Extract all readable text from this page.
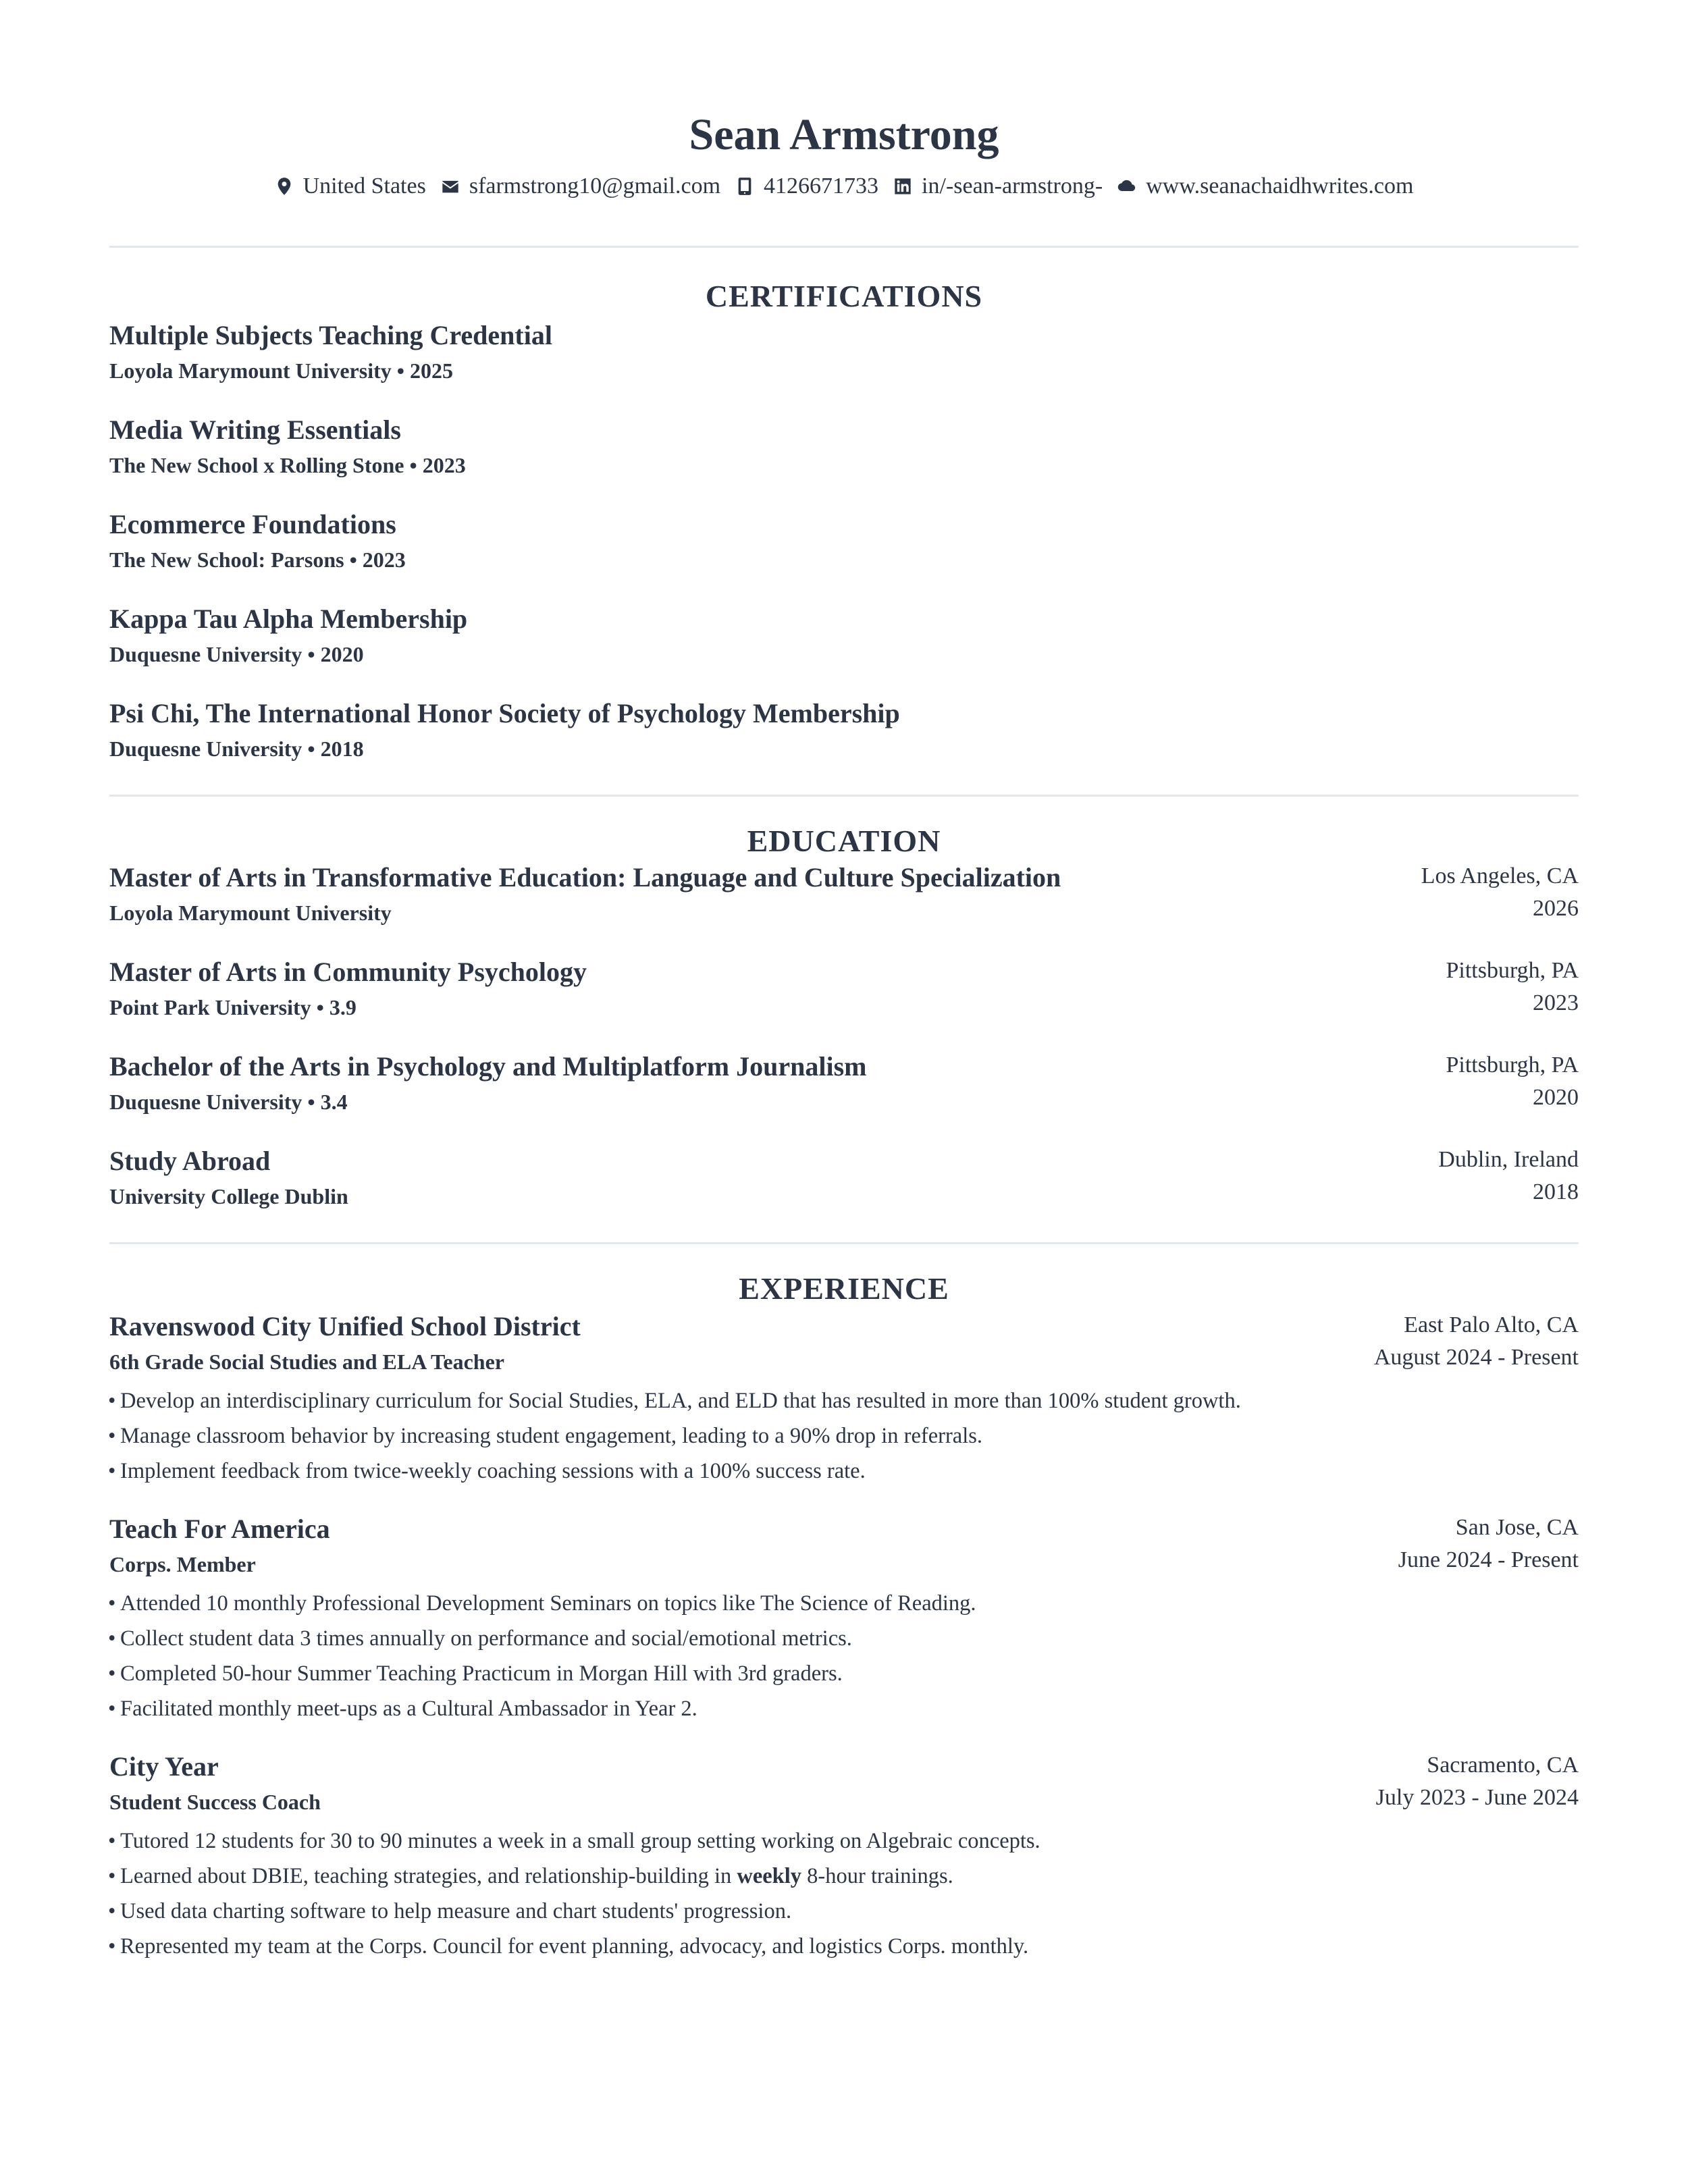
Sean Armstrong
United States sfarmstrong10@gmail.com 4126671733 in/-sean-armstrong- www.seanachaidhwrites.com
CERTIFICATIONS
Multiple Subjects Teaching Credential
Loyola Marymount University • 2025
Media Writing Essentials
The New School x Rolling Stone • 2023
Ecommerce Foundations
The New School: Parsons • 2023
Kappa Tau Alpha Membership
Duquesne University • 2020
Psi Chi, The International Honor Society of Psychology Membership
Duquesne University • 2018
EDUCATION
Master of Arts in Transformative Education: Language and Culture Specialization
Loyola Marymount University
Los Angeles, CA
2026
Master of Arts in Community Psychology
Point Park University • 3.9
Pittsburgh, PA
2023
Bachelor of the Arts in Psychology and Multiplatform Journalism
Duquesne University • 3.4
Pittsburgh, PA
2020
Study Abroad
University College Dublin
Dublin, Ireland
2018
EXPERIENCE
Ravenswood City Unified School District
6th Grade Social Studies and ELA Teacher
East Palo Alto, CA
August 2024 - Present
• Develop an interdisciplinary curriculum for Social Studies, ELA, and ELD that has resulted in more than 100% student growth.
• Manage classroom behavior by increasing student engagement, leading to a 90% drop in referrals.
• Implement feedback from twice-weekly coaching sessions with a 100% success rate.
Teach For America
Corps. Member
San Jose, CA
June 2024 - Present
• Attended 10 monthly Professional Development Seminars on topics like The Science of Reading.
• Collect student data 3 times annually on performance and social/emotional metrics.
• Completed 50-hour Summer Teaching Practicum in Morgan Hill with 3rd graders.
• Facilitated monthly meet-ups as a Cultural Ambassador in Year 2.
City Year
Student Success Coach
Sacramento, CA
July 2023 - June 2024
• Tutored 12 students for 30 to 90 minutes a week in a small group setting working on Algebraic concepts.
• Learned about DBIE, teaching strategies, and relationship-building in weekly 8-hour trainings.
• Used data charting software to help measure and chart students' progression.
• Represented my team at the Corps. Council for event planning, advocacy, and logistics Corps. monthly.
